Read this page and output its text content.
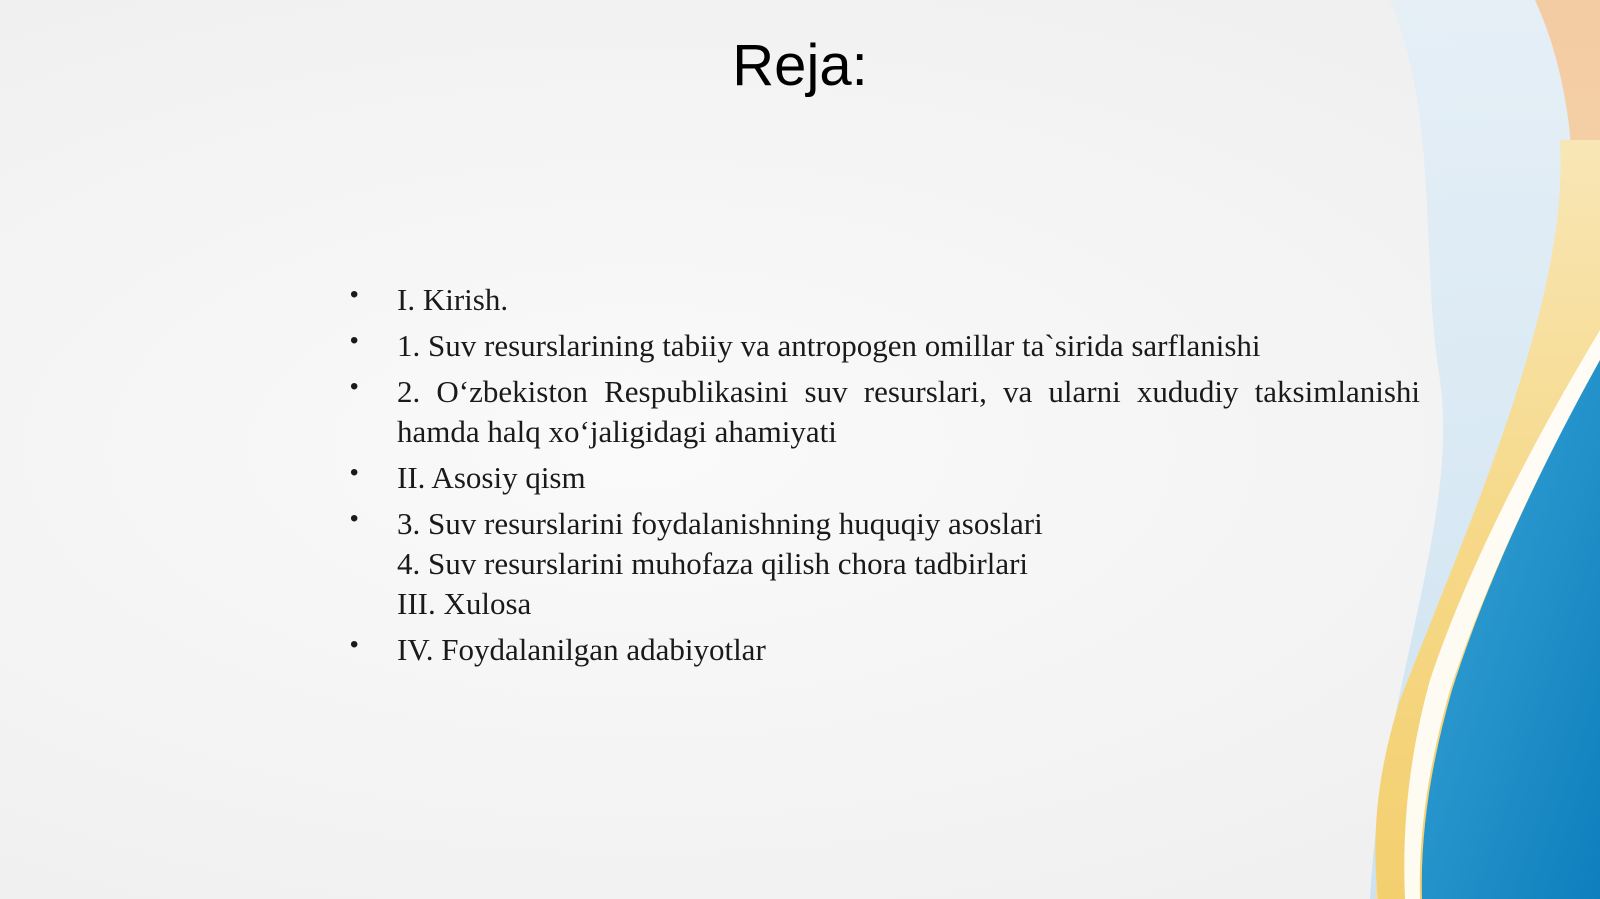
Reja:
• I. Kirish.
• 1. Suv resurslarining tabiiy va antropogen omillar ta`sirida sarflanishi
• 2. O‘zbekiston Respublikasini suv resurslari, va ularni xududiy taksimlanishi
hamda halq xo‘jaligidagi ahamiyati
• II. Asosiy qism
• 3. Suv resurslarini foydalanishning huquqiy asoslari
4. Suv resurslarini muhofaza qilish chora tadbirlari
III. Xulosa
• IV. Foydalanilgan adabiyotlar
